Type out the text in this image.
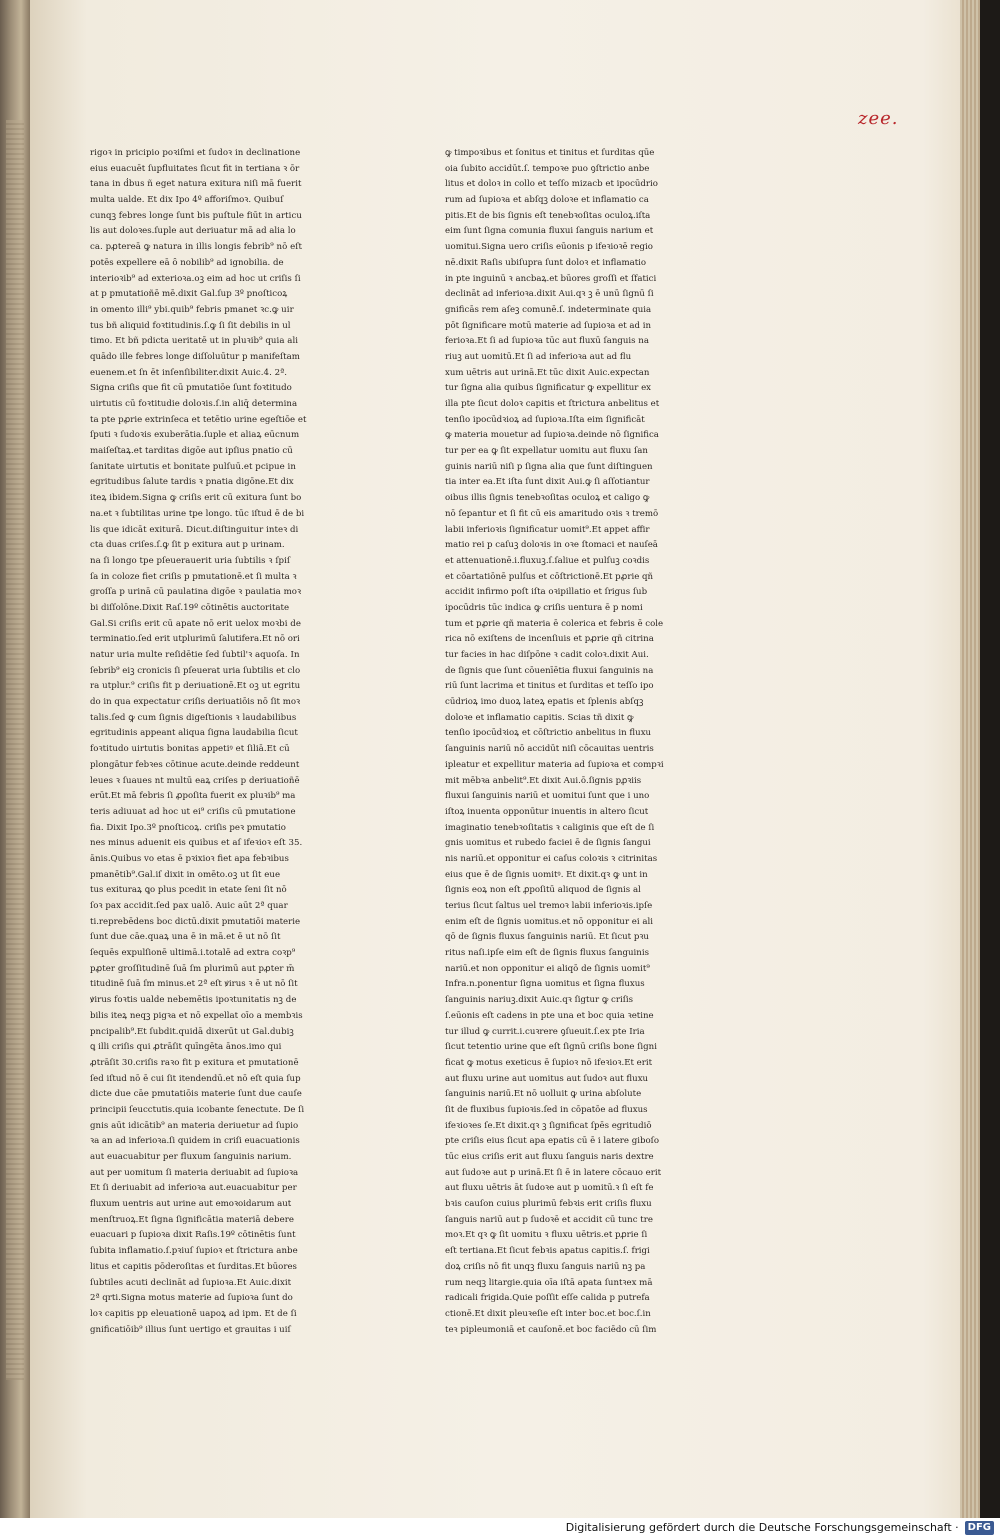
zee.
rigoꝛ in pricipio poꝛiſmi et ſudoꝛ in declinatione
eius euacuēt ſupfluitates ſicut fit in tertiana ꝛ ōr
tana in ḋbus ñ eget natura exitura niſi mā fuerit
multa ualde. Et dix Ipo 4º afforiſmoꝛ. Quibuſ
cunqꝫ febres longe ſunt bis puſtule fiūt in articu
lis aut doloꝛes.ſuple aut deriuatur mā ad alia lo
ca. pꝓtereā ꝙ natura in illis longis febrib⁹ nō eſt
potēs expellere eā ȏ nobilib⁹ ad ignobilia. de
interioꝛib⁹ ad exterioꝛa.oꝫ eim ad hoc ut criſis ſi
at p pmutatioñē mē.dixit Gal.ſup 3º pnoſticoꝝ
in omento illi⁹ ybi.quib⁹ febris pmanet ꝛc.ꝙ uir
tus bñ aliquid foꝛtitudinis.ſ.ꝙ ſi ſit debilis in ul
timo. Et bñ pdicta ueritatē ut in pluꝛib⁹ quia ali
quādo ille febres longe diſſoluūtur p manifeſtam
euenem.et ſn ēt inſenſibiliter.dixit Auic.4. 2ª.
Signa criſis que fit cū pmutatiōe ſunt foꝛtitudo
uirtutis cū foꝛtitudie doloꝛis.ſ.in aliq̄ determina
ta pte pꝓrie extrinſeca et tetētio urine egeſtiōe et
ſputi ꝛ ſudoꝛis exuberātia.ſuple et aliaꝝ eūcnum
maiſeſtaꝝ.et tarditas digōe aut ipſius pnatio cū
ſanitate uirtutis et bonitate pulſuū.et pcipue in
egritudibus ſalute tardis ꝛ pnatia digōne.Et dix
iteꝝ ibidem.Signa ꝙ criſis erit cū exitura ſunt bo
na.et ꝛ ſubtilitas urine tpe longo. tūc iſtud ē de bi
lis que idicāt exiturā. Dicut.diſtinguitur inteꝛ di
cta duas criſes.ſ.ꝙ ſit p exitura aut p urinam.
na ſi longo tpe pſeuerauerit uria ſubtilis ꝛ ſpiſ
ſa in coloze fiet criſis p pmutationē.et ſi multa ꝛ
groſſa p urinā cū paulatina digōe ꝛ paulatia moꝛ
bi diſſolōne.Dixit Raſ.19º cōtinētis auctoritate
Gal.Si criſis erit cū apate nō erit uelox moꝛbi de
terminatio.ſed erit utplurimū ſalutifera.Et nō ori
natur uria multe reſidētie ſed ſubtil'ꝛ aquoſa. In
ſebrib⁹ eiꝫ cronicis ſi pſeuerat uria ſubtilis et clo
ra utplur.⁹ criſis fit p deriuationē.Et oꝫ ut egritu
do in qua expectatur criſis deriuatiōis nō ſit moꝛ
talis.ſed ꝙ cum ſignis digeſtionis ꝛ laudabilibus
egritudinis appeant aliqua ſigna laudabilia ſicut
foꝛtitudo uirtutis bonitas appetiꝰ et ſiliā.Et cū
plongātur febꝛes cōtinue acute.deinde reddeunt
leues ꝛ ſuaues nt multū eaꝝ criſes p deriuatioñē
erūt.Et mā febris ſi ꝓpoſita fuerit ex pluꝛib⁹ ma
teris adiuuat ad hoc ut ei⁹ criſis cū pmutatione
fia. Dixit Ipo.3º pnoſticoꝝ. criſis peꝛ pmutatio
nes minus aduenit eis quibus et aſ ifeꝛioꝛ eſt 35.
ānis.Quibus vo etas ē pꝛixioꝛ fiet apa febꝛibus
pmanētib⁹.Gal.iſ dixit in omēto.oꝫ ut ſit eue
tus exituraꝝ ꝗo plus pcedit in etate ſeni ſit nō
ſoꝛ pax accidit.ſed pax ualō. Auic aūt 2ª quar
ti.reprebēdens boc dictū.dixit pmutatiōi materie
ſunt due cāe.quaꝝ una ē in mā.et ē ut nō ſit
ſequēs expulſionē ultimā.i.totalē ad extra coꝛp⁹
pꝓter groſſitudinē ſuā ſm plurimū aut pꝓter m̄
titudinē ſuā ſm minus.et 2ª eſt ꝟirus ꝛ ē ut nō ſit
ꝟirus foꝛtis ualde nebemētis ipoꝛtunitatis nꝫ de
bilis iteꝝ neqꝫ pigꝛa et nō expellat oīo a membꝛis
pncipalib⁹.Et ſubdit.quidā dixerūt ut Gal.dubiꝫ
ꝗ illi criſis qui ꝓtrāſit quīngēta ānos.imo qui
ꝓtrāſit 30.criſis raꝛo fit p exitura et pmutationē
ſed iſtud nō ē cui ſit itendendū.et nō eſt quia ſup
dicte due cāe pmutatiōis materie ſunt due cauſe
principii ſeucctutis.quia icobante ſenectute. De ſi
gnis aūt idicātib⁹ an materia deriuetur ad ſupio
ꝛa an ad inferioꝛa.ſi quidem in criſi euacuationis
aut euacuabitur per fluxum ſanguinis narium.
aut per uomitum ſi materia deriuabit ad ſupioꝛa
Et ſi deriuabit ad inferioꝛa aut.euacuabitur per
fluxum uentris aut urine aut emoꝛoidarum aut
menſtruoꝝ.Et ſigna ſignificātia materiā debere
euacuari p ſupioꝛa dixit Raſis.19º cōtinētis ſunt
ſubita inflamatio.ſ.pꝛiuſ ſupioꝛ et ſtrictura anbe
litus et capitis pōderoſitas et ſurditas.Et būores
ſubtiles acuti declināt ad ſupioꝛa.Et Auic.dixit
2ª qrti.Signa motus materie ad ſupioꝛa ſunt do
loꝛ capitis pp eleuationē uapoꝝ ad ipm. Et de ſi
gnificatiōib⁹ illius ſunt uertigo et grauitas i uiſ
ꝙ timpoꝛibus et ſonitus et tinitus et ſurditas qūe
oia ſubito accidūt.ſ. tempoꝛe puo ꝯſtrictio anbe
litus et doloꝛ in collo et teſſo mizacb et ipocūdrio
rum ad ſupioꝛa et abſqꝫ doloꝛe et inflamatio ca
pitis.Et de bis ſignis eſt tenebꝛoſitas oculoꝝ.iſta
eim ſunt ſigna comunia fluxui ſanguis narium et
uomitui.Signa uero criſis eūonis p ifeꝛioꝛē regio
nē.dixit Raſis ubiſupra ſunt doloꝛ et inflamatio
in pte inguinū ꝛ ancbaꝝ.et būores groſſi et ſfatici
declināt ad inferioꝛa.dixit Aui.qꝛ ꝫ ē unū ſignū ſi
gnificās rem aſeꝫ comunē.ſ. indeterminate quia
pōt ſignificare motū materie ad ſupioꝛa et ad in
ferioꝛa.Et ſi ad ſupioꝛa tūc aut fluxū ſanguis na
riuꝫ aut uomitū.Et ſi ad inferioꝛa aut ad flu
xum uētris aut urinā.Et tūc dixit Auic.expectan
tur ſigna alia quibus ſignificatur ꝙ expellitur ex
illa pte ſicut doloꝛ capitis et ſtrictura anbelitus et
tenſio ipocūdꝛioꝝ ad ſupioꝛa.Iſta eim ſignificāt
ꝙ materia mouetur ad ſupioꝛa.deinde nō ſignifica
tur per ea ꝙ ſit expellatur uomitu aut fluxu ſan
guinis nariū niſi p ſigna alia que ſunt diſtinguen
tia inter ea.Et iſta ſunt dixit Aui.ꝙ ſi aſſotiantur
oibus illis ſignis tenebꝛoſitas oculoꝝ et caligo ꝙ
nō ſepantur et ſi fit cū eis amaritudo oꝛis ꝛ tremō
labii inferioꝛis ſignificatur uomit⁹.Et appet affir
matio rei p caſuꝫ doloꝛis in oꝛe ſtomaci et nauſeā
et attenuationē.i.fluxuꝫ.ſ.ſaliue et pulſuꝫ coꝛdis
et cōartatiōnē pulſus et cōſtrictionē.Et pꝓrie qñ
accidit infirmo poſt iſta oꝛipillatio et ſrigus ſub
ipocūdris tūc indica ꝙ criſis uentura ē p nomi
tum et pꝓrie qñ materia ē colerica et febris ē cole
rica nō exiſtens de incenſiuis et pꝓrie qñ citrina
tur facies in hac diſpōne ꝛ cadit coloꝛ.dixit Aui.
de ſignis que ſunt cōuenīētia fluxui ſanguinis na
riū ſunt lacrima et tinitus et ſurditas et teſſo ipo
cūdrioꝝ imo duoꝝ lateꝝ epatis et ſplenis abſqꝫ
doloꝛe et inflamatio capitis. Scias tñ dixit ꝙ
tenſio ipocūdꝛioꝝ et cōſtrictio anbelitus in fluxu
ſanguinis nariū nō accidūt niſi cōcauitas uentris
ipleatur et expellitur materia ad ſupioꝛa et compꝛi
mit mēbꝛa anbelit⁹.Et dixit Aui.ō.ſignis pꝓꝛiis
fluxui ſanguinis nariū et uomitui ſunt que i uno
iſtoꝝ inuenta opponūtur inuentis in altero ſicut
imaginatio tenebꝛoſitatis ꝛ caliginis que eſt de ſi
gnis uomitus et rubedo faciei ē de ſignis ſangui
nis nariū.et opponitur ei caſus coloꝛis ꝛ citrinitas
eius que ē de ſignis uomitꝰ. Et dixit.qꝛ ꝙ unt in
ſignis eoꝝ non eſt ꝓpoſitū aliquod de ſignis al
terius ſicut ſaltus uel tremoꝛ labii inferioꝛis.ipſe
enim eſt de ſignis uomitus.et nō opponitur ei ali
qō de ſignis fluxus ſanguinis nariū. Et ſicut pꝛu
ritus naſi.ipſe eim eſt de ſignis fluxus ſanguinis
nariū.et non opponitur ei aliqō de ſignis uomit⁹
Infra.n.ponentur ſigna uomitus et ſigna fluxus
ſanguinis nariuꝫ.dixit Auic.qꝛ ſigtur ꝙ criſis
ſ.eūonis eſt cadens in pte una et boc quia ꝛetine
tur illud ꝙ currit.i.cuꝛrere ꝯſueuit.ſ.ex pte Iria
ſicut tetentio urine que eſt ſignū criſis bone ſigni
ficat ꝙ motus exeticus ē ſupioꝛ nō ifeꝛioꝛ.Et erit
aut fluxu urine aut uomitus aut ſudoꝛ aut fluxu
ſanguinis nariū.Et nō uolluit ꝙ urina abſolute
ſit de fluxibus ſupioꝛis.ſed in cōpatōe ad fluxus
ifeꝛioꝛes ſe.Et dixit.qꝛ ꝫ ſignificat ſpēs egritudiō
pte criſis eius ſicut apa epatis cū ē i latere giboſo
tūc eius criſis erit aut fluxu ſanguis naris dextre
aut ſudoꝛe aut p urinā.Et ſi ē in latere cōcauo erit
aut fluxu uētris āt ſudoꝛe aut p uomitū.ꝛ ſi eſt fe
bꝛis cauſon cuius plurimū febꝛis erit criſis fluxu
ſanguis nariū aut p ſudoꝛē et accidit cū tunc tre
moꝛ.Et qꝛ ꝙ ſit uomitu ꝛ fluxu uētris.et pꝓrie ſi
eſt tertiana.Et ſicut febꝛis apatus capitis.ſ. frigi
doꝝ criſis nō fit unqꝫ fluxu ſanguis nariū nꝫ pa
rum neqꝫ litargie.quia oīa iſtā apata ſuntꝛex mā
radicali frigida.Quie poſſit eſſe calida p putrefa
ctionē.Et dixit pleuꝛeſie eſt inter boc.et boc.ſ.in
teꝛ pipleumoniā et cauſonē.et boc faciēdo cū ſim
Digitalisierung gefördert durch die Deutsche Forschungsgemeinschaft · DFG
